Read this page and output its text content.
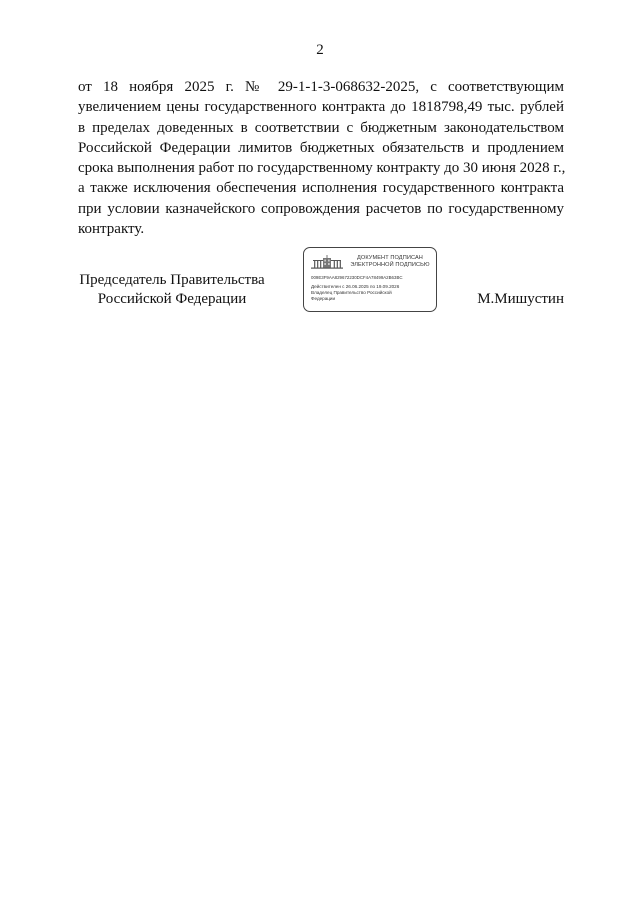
2
от 18 ноября 2025 г. № 29-1-1-3-068632-2025, с соответствующим
увеличением цены государственного контракта до 1818798,49 тыс. рублей
в пределах доведенных в соответствии с бюджетным законодательством
Российской Федерации лимитов бюджетных обязательств и продлением
срока выполнения работ по государственному контракту до 30 июня 2028 г.,
а также исключения обеспечения исполнения государственного контракта
при условии казначейского сопровождения расчетов по государственному
контракту.
Председатель Правительства
Российской Федерации
ДОКУМЕНТ ПОДПИСАН
ЭЛЕКТРОННОЙ ПОДПИСЬЮ
009E3F9AA829672230DCF4A78499A2B63BC
Действителен с 26.06.2025 по 19.09.2026
Владелец Правительство Российской Федерации	М.Мишустин
